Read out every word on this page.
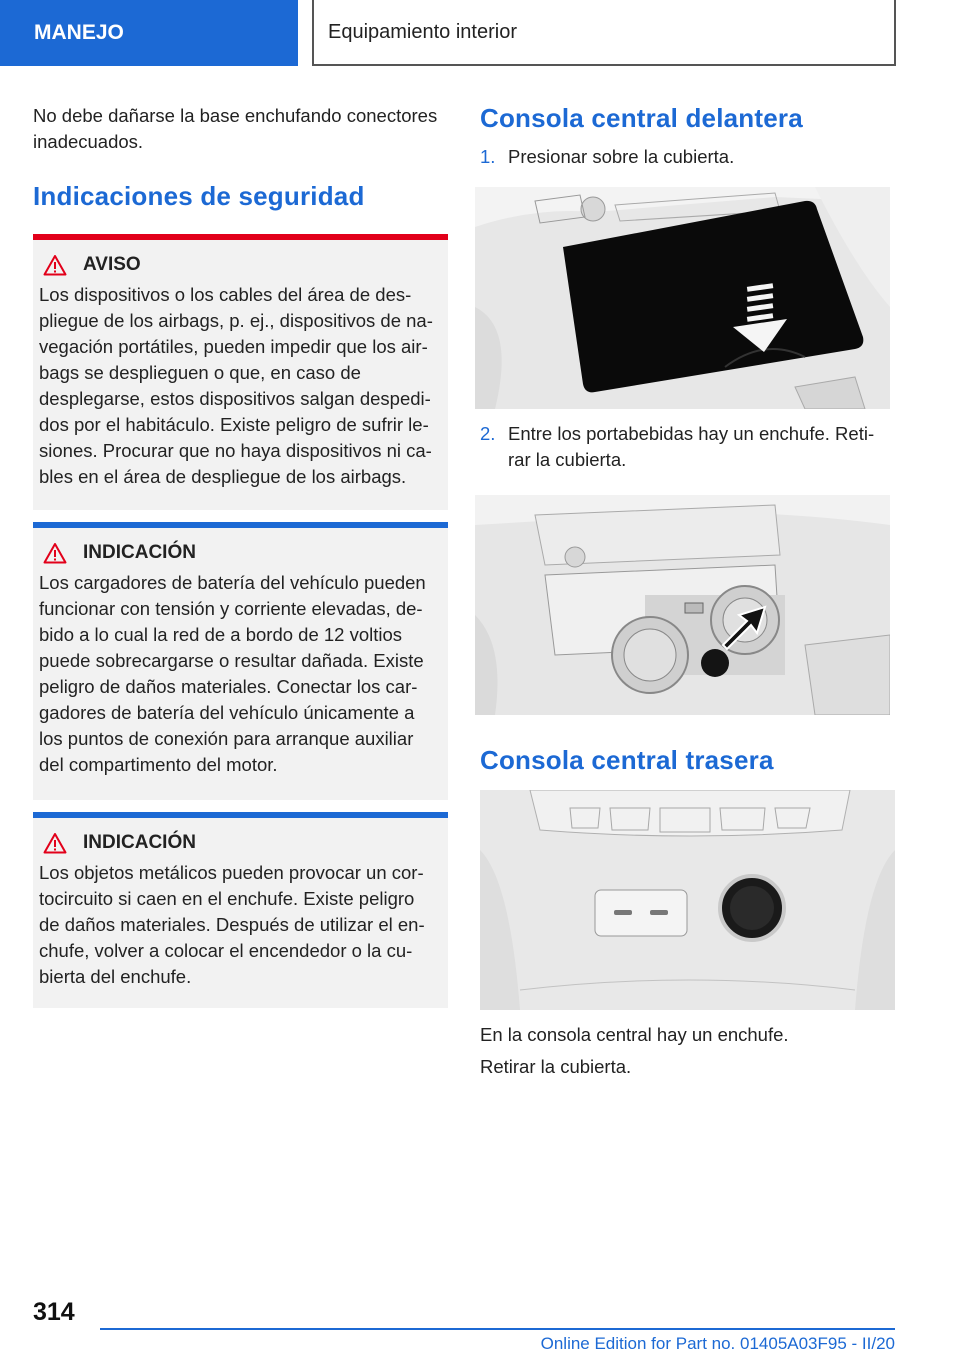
MANEJO	Equipamiento interior

No debe dañarse la base enchufando conectores inadecuados.

Indicaciones de seguridad
AVISO

Los dispositivos o los cables del área de des-pliegue de los airbags, p. ej., dispositivos de na-vegación portátiles, pueden impedir que los air-bags se desplieguen o que, en caso de desplegarse, estos dispositivos salgan despedi-dos por el habitáculo. Existe peligro de sufrir le-siones. Procurar que no haya dispositivos ni ca-bles en el área de despliegue de los airbags.

INDICACIÓN

Los cargadores de batería del vehículo pueden funcionar con tensión y corriente elevadas, de-bido a lo cual la red de a bordo de 12 voltios puede sobrecargarse o resultar dañada. Existe peligro de daños materiales. Conectar los car-gadores de batería del vehículo únicamente a los puntos de conexión para arranque auxiliar del compartimento del motor.

INDICACIÓN

Los objetos metálicos pueden provocar un cor-tocircuito si caen en el enchufe. Existe peligro de daños materiales. Después de utilizar el en-chufe, volver a colocar el encendedor o la cu-bierta del enchufe.

Consola central delantera
1. Presionar sobre la cubierta.
2. Entre los portabebidas hay un enchufe. Reti-rar la cubierta.
Consola central trasera

En la consola central hay un enchufe.

Retirar la cubierta.

314
Online Edition for Part no. 01405A03F95 - II/20
